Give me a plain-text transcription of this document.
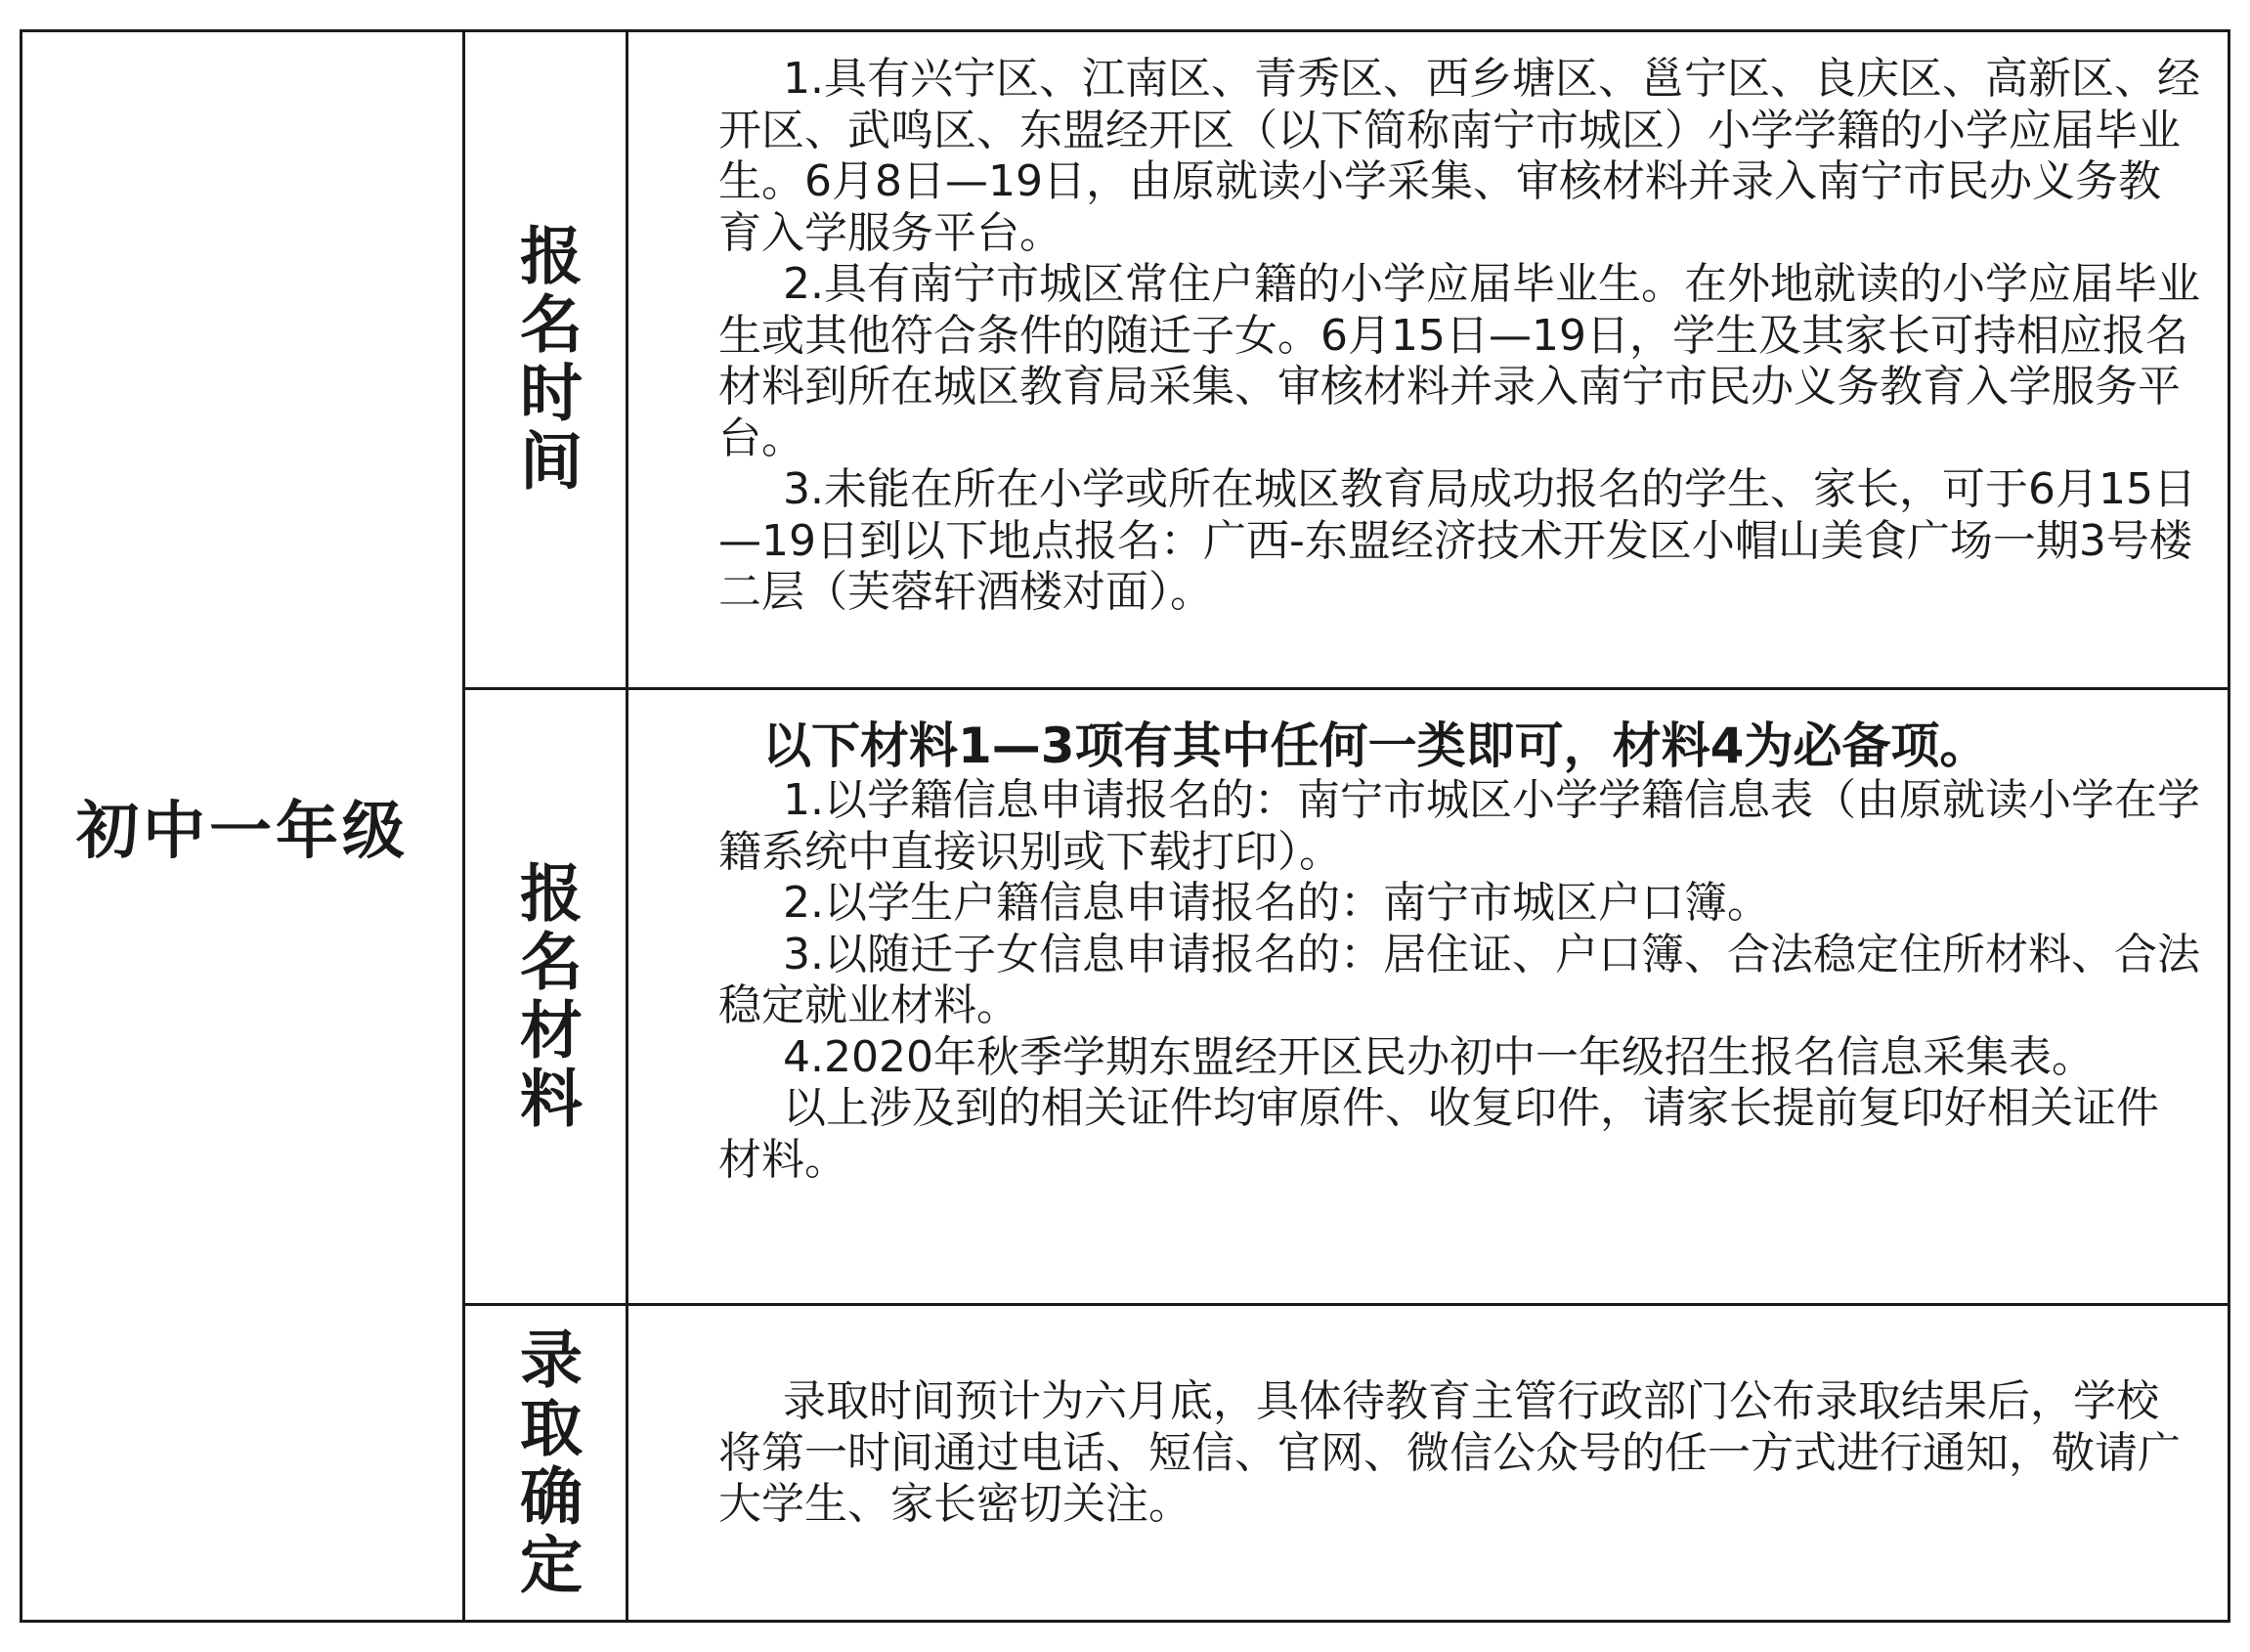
初中一年级
报名时间

1.具有兴宁区、江南区、青秀区、西乡塘区、邕宁区、良庆区、高新区、经开区、武鸣区、东盟经开区（以下简称南宁市城区）小学学籍的小学应届毕业生。6月8日—19日，由原就读小学采集、审核材料并录入南宁市民办义务教育入学服务平台。

2.具有南宁市城区常住户籍的小学应届毕业生。在外地就读的小学应届毕业生或其他符合条件的随迁子女。6月15日—19日，学生及其家长可持相应报名材料到所在城区教育局采集、审核材料并录入南宁市民办义务教育入学服务平台。

3.未能在所在小学或所在城区教育局成功报名的学生、家长，可于6月15日—19日到以下地点报名：广西-东盟经济技术开发区小帽山美食广场一期3号楼二层（芙蓉轩酒楼对面）。

报名材料

以下材料1—3项有其中任何一类即可，材料4为必备项。

1.以学籍信息申请报名的：南宁市城区小学学籍信息表（由原就读小学在学籍系统中直接识别或下载打印）。

2.以学生户籍信息申请报名的：南宁市城区户口簿。

3.以随迁子女信息申请报名的：居住证、户口簿、合法稳定住所材料、合法稳定就业材料。

4.2020年秋季学期东盟经开区民办初中一年级招生报名信息采集表。

以上涉及到的相关证件均审原件、收复印件，请家长提前复印好相关证件材料。

录取确定	录取时间预计为六月底，具体待教育主管行政部门公布录取结果后，学校将第一时间通过电话、短信、官网、微信公众号的任一方式进行通知，敬请广大学生、家长密切关注。
